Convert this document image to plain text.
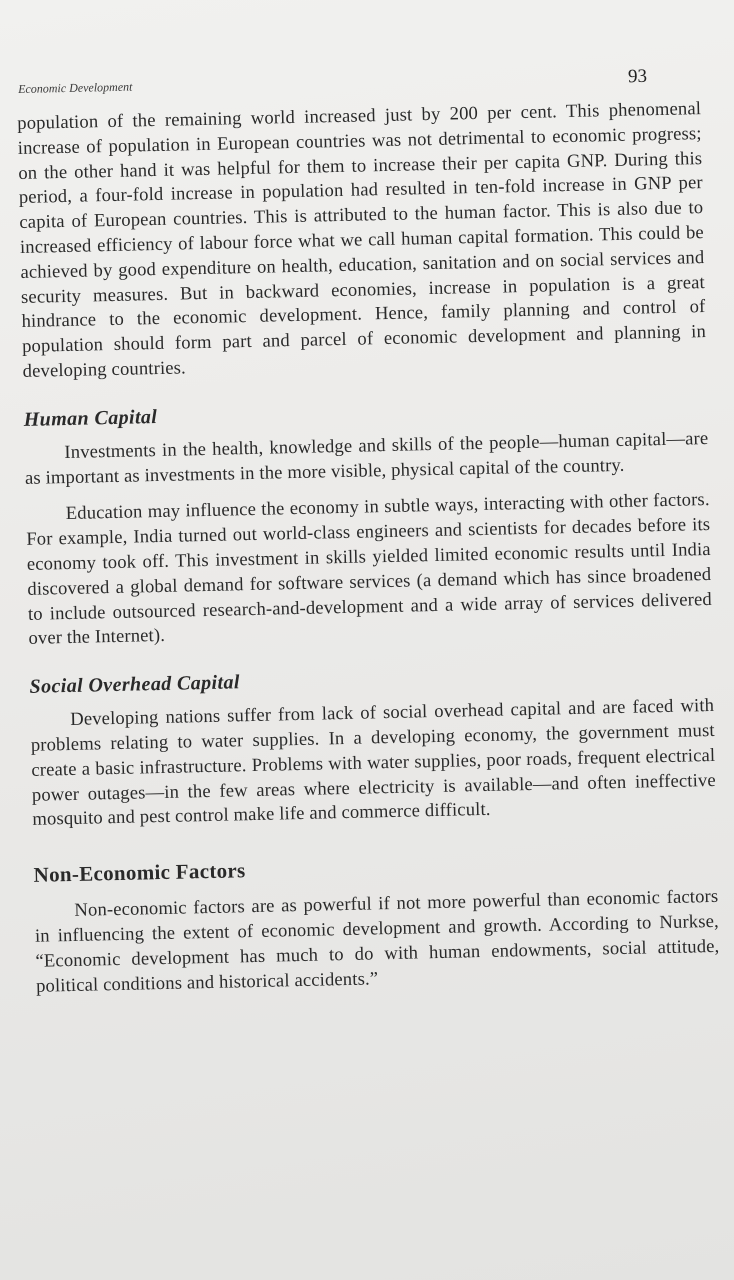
Economic Development
93

population of the remaining world increased just by 200 per cent. This phenomenal increase of population in European countries was not detrimental to economic progress; on the other hand it was helpful for them to increase their per capita GNP. During this period, a four-fold increase in population had resulted in ten-fold increase in GNP per capita of European countries. This is attributed to the human factor. This is also due to increased efficiency of labour force what we call human capital formation. This could be achieved by good expenditure on health, education, sanitation and on social services and security measures. But in backward economies, increase in population is a great hindrance to the economic development. Hence, family planning and control of population should form part and parcel of economic development and planning in developing countries.

Human Capital

Investments in the health, knowledge and skills of the people—human capital—are as important as investments in the more visible, physical capital of the country.

Education may influence the economy in subtle ways, interacting with other factors. For example, India turned out world-class engineers and scientists for decades before its economy took off. This investment in skills yielded limited economic results until India discovered a global demand for software services (a demand which has since broadened to include outsourced research-and-development and a wide array of services delivered over the Internet).

Social Overhead Capital

Developing nations suffer from lack of social overhead capital and are faced with problems relating to water supplies. In a developing economy, the government must create a basic infrastructure. Problems with water supplies, poor roads, frequent electrical power outages—in the few areas where electricity is available—and often ineffective mosquito and pest control make life and commerce difficult.

Non-Economic Factors

Non-economic factors are as powerful if not more powerful than economic factors in influencing the extent of economic development and growth. According to Nurkse, “Economic development has much to do with human endowments, social attitude, political conditions and historical accidents.”
